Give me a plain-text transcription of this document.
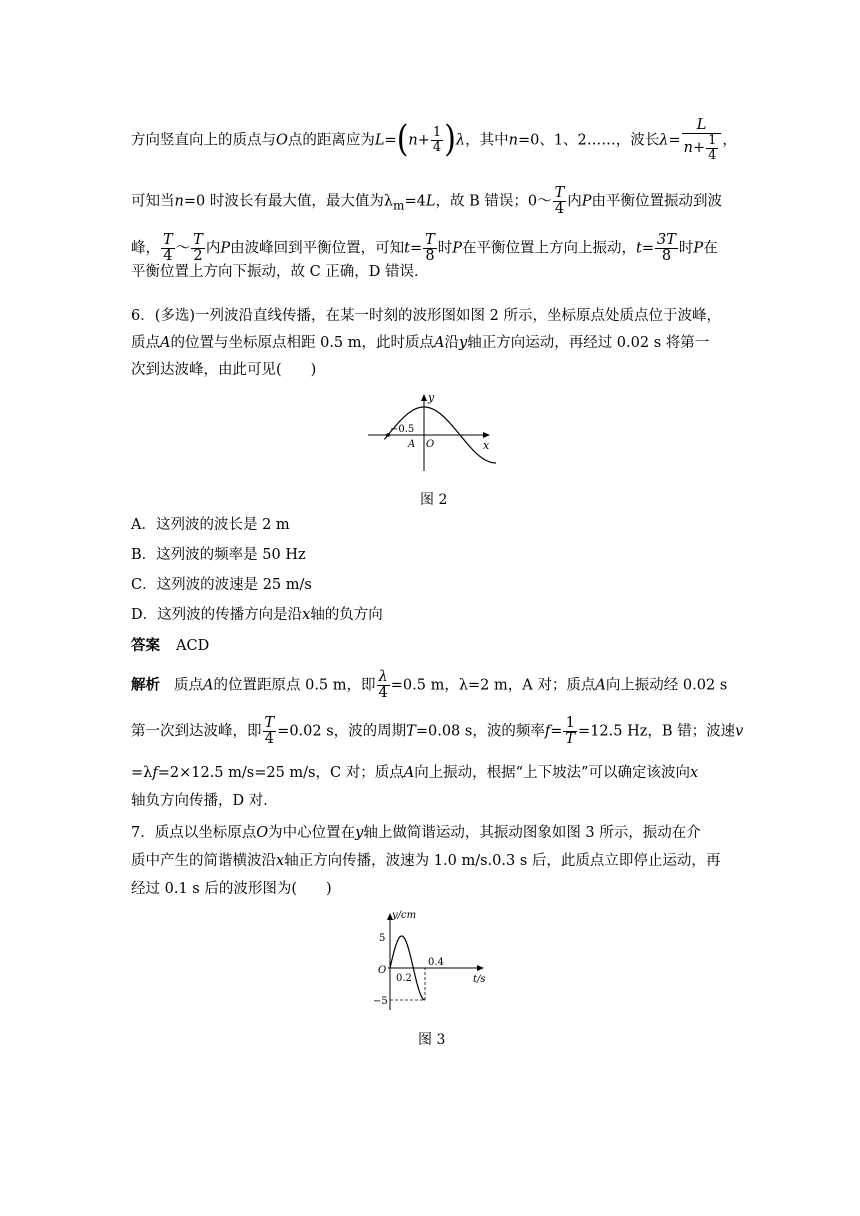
方向竖直向上的质点与O点的距离应为$L=(n+ \frac{1}{4} )\lambda$，其中n=0、1、2……，波长$\lambda= \frac{L}{n+ \frac{1}{4}}$ ，
可知当n=0 时波长有最大值，最大值为$\lambda_m=4L$，故 B 错误；0～ $\frac{T}{4}$ 内P由平衡位置振动到波
峰， $\frac{T}{4}$ ～ $\frac{T}{2}$ 内P由波峰回到平衡位置，可知$t= \frac{T}{8}$ 时P在平衡位置上方向上振动，$t= \frac{3T}{8}$ 时P在
平衡位置上方向下振动，故 C 正确，D 错误．
6．(多选)一列波沿直线传播，在某一时刻的波形图如图 2 所示，坐标原点处质点位于波峰，
质点A的位置与坐标原点相距 0.5 m，此时质点A沿y轴正方向运动，再经过 0.02 s 将第一
次到达波峰，由此可见(　　)
y
x
−0.5
A O
图 2
A．这列波的波长是 2 m
B．这列波的频率是 50 Hz
C．这列波的波速是 25 m/s
D．这列波的传播方向是沿x轴的负方向
答案 ACD
解析 质点A的位置距原点 0.5 m，即 $\frac{\lambda}{4} =0.5$ m，λ=2 m，A 对；质点A向上振动经 0.02 s
第一次到达波峰，即 $\frac{T}{4} =0.02$ s，波的周期T=0.08 s，波的频率$f= \frac{1}{T} =12.5$ Hz，B 错；波速v
=λf=2×12.5 m/s=25 m/s，C 对；质点A向上振动，根据“上下坡法”可以确定该波向x
轴负方向传播，D 对．
7．质点以坐标原点O为中心位置在y轴上做简谐运动，其振动图象如图 3 所示，振动在介
质中产生的简谐横波沿x轴正方向传播，波速为 1.0 m/s.0.3 s 后，此质点立即停止运动，再
经过 0.1 s 后的波形图为(　　)
y/cm
t/s
5
−5
O
0.2
0.4
图 3
